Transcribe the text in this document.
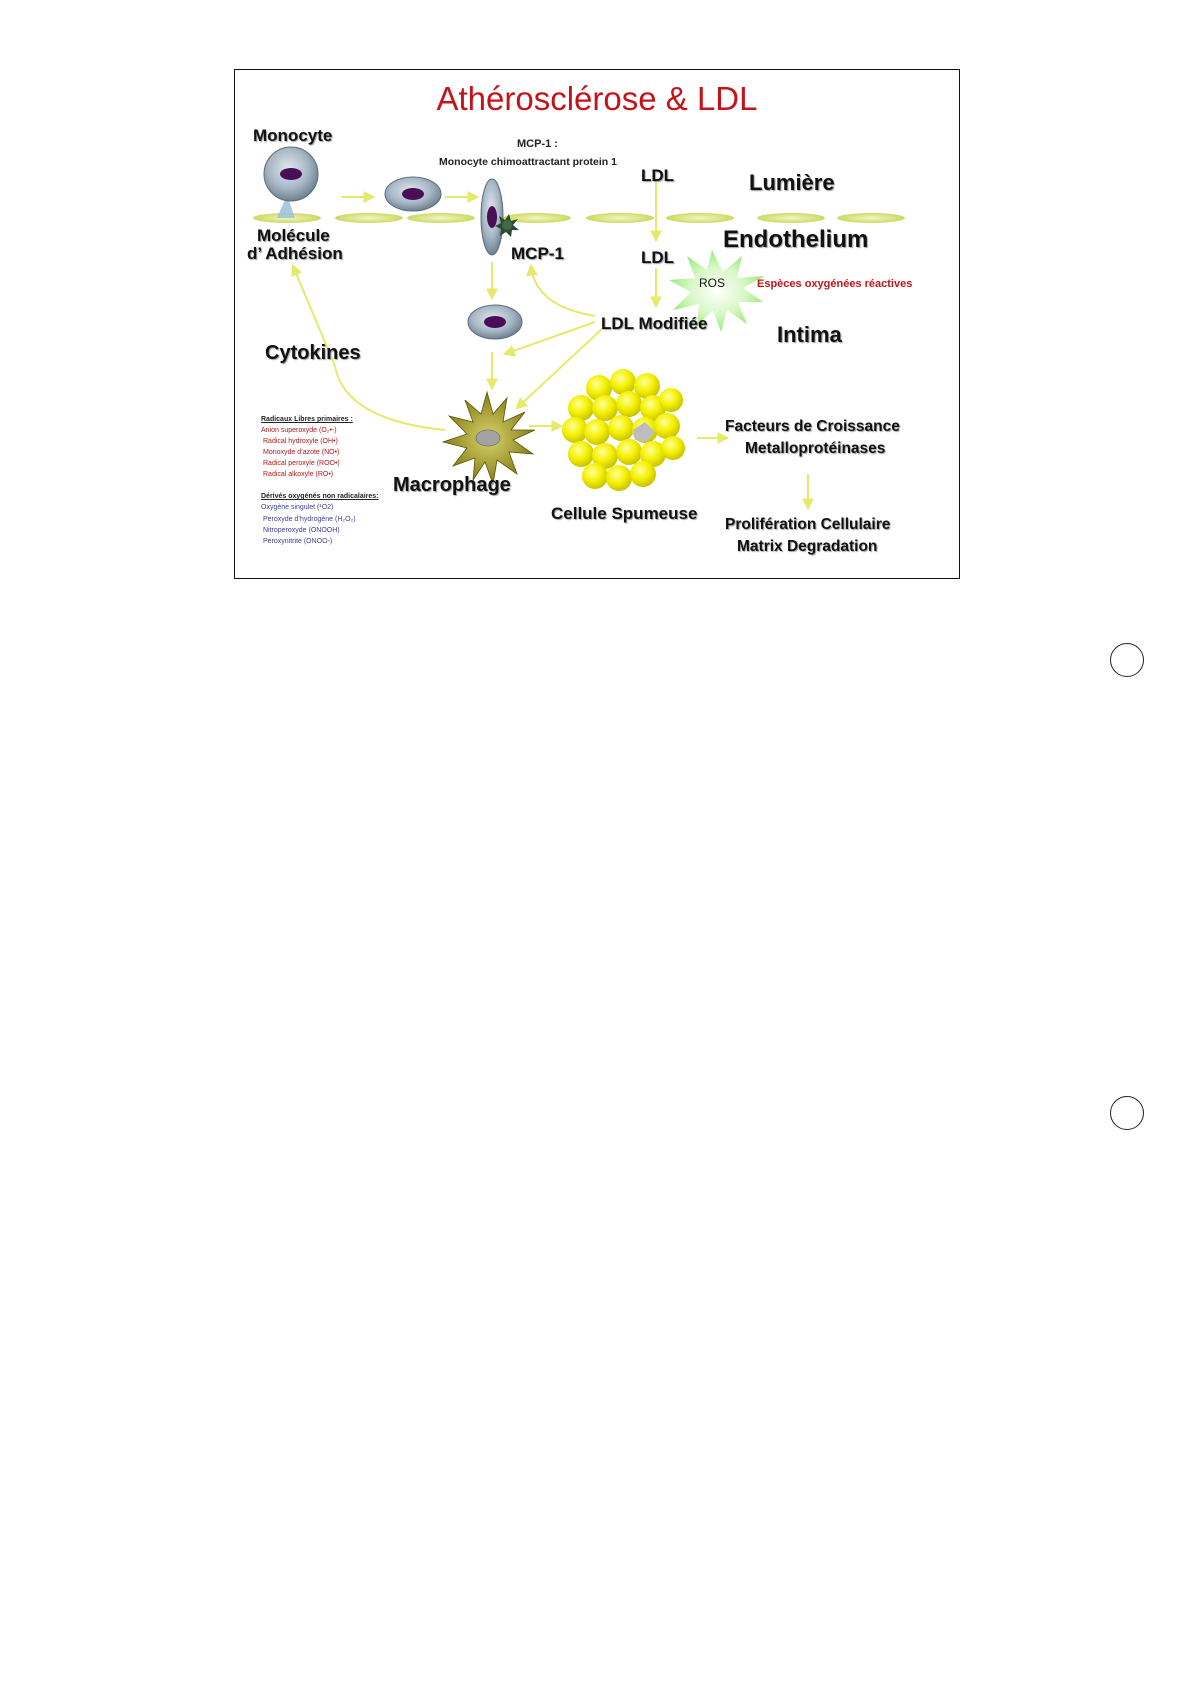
Athérosclérose & LDL
Monocyte	MCP-1 :
Monocyte chimoattractant protein 1
LDL	Lumière
Molécule
d’ Adhésion
Endothelium
MCP-1	LDL
ROS	Espèces oxygénées réactives
LDL Modifiée	Intima
Cytokines
Macrophage
Cellule Spumeuse
Facteurs de Croissance
Metalloprotéinases
Prolifération Cellulaire
Matrix Degradation
Radicaux Libres primaires :
Anion superoxyde (O₂•-)
Radical hydroxyle (OH•)
Monoxyde d’azote (NO•)
Radical peroxyle (ROO•)
Radical alkoxyle (RO•)
Dérivés oxygénés non radicalaires:
Oxygène singulet (¹O2)
Peroxyde d’hydrogène (H₂O₂)
Nitroperoxyde (ONOOH)
Peroxynitrite (ONOO-)
